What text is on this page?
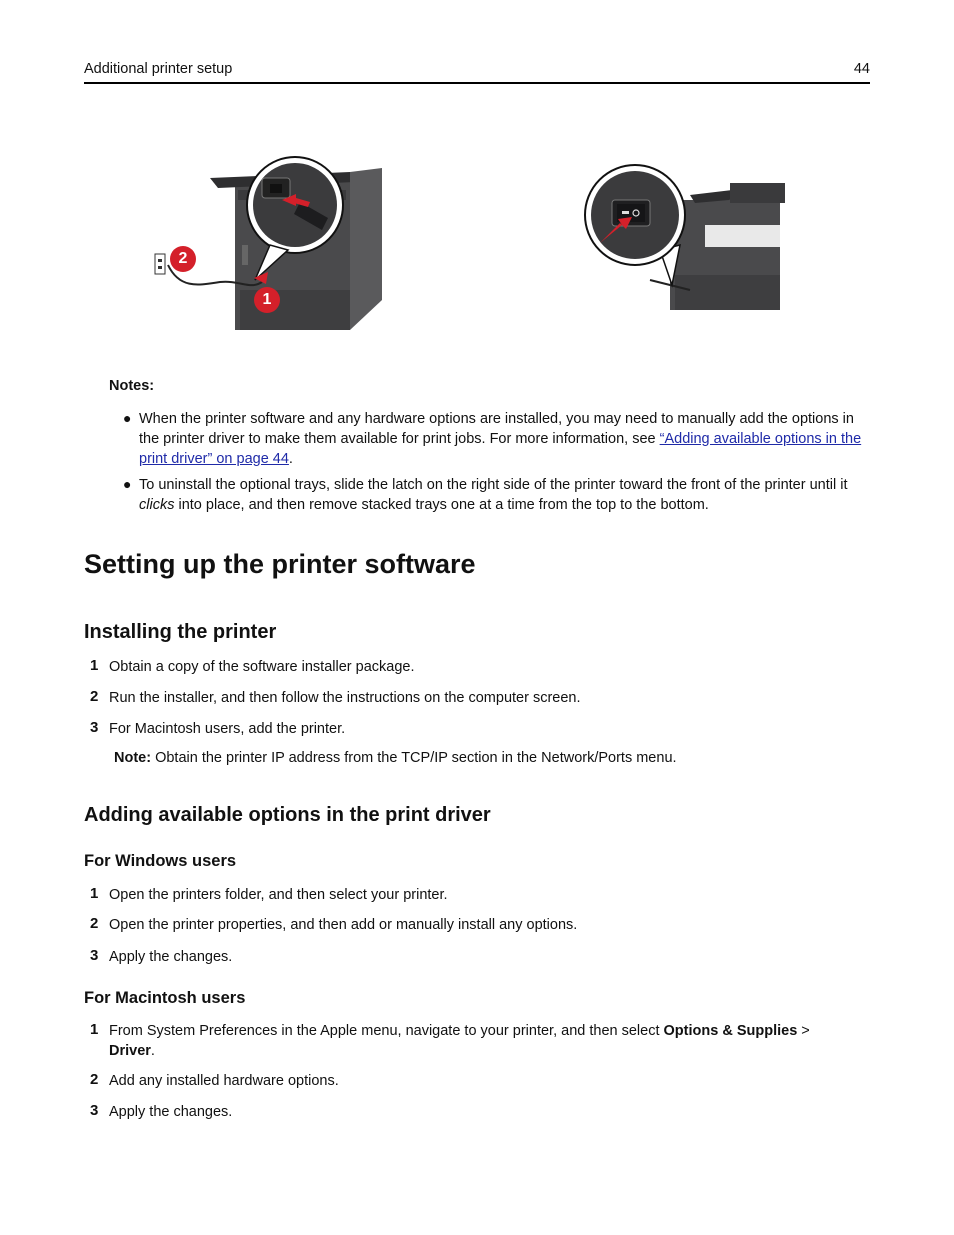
Additional printer setup	44
2
1
Notes:
● When the printer software and any hardware options are installed, you may need to manually add the options in the printer driver to make them available for print jobs. For more information, see “Adding available options in the print driver” on page 44.
● To uninstall the optional trays, slide the latch on the right side of the printer toward the front of the printer until it clicks into place, and then remove stacked trays one at a time from the top to the bottom.
Setting up the printer software
Installing the printer
1 Obtain a copy of the software installer package.
2 Run the installer, and then follow the instructions on the computer screen.
3 For Macintosh users, add the printer.
Note: Obtain the printer IP address from the TCP/IP section in the Network/Ports menu.
Adding available options in the print driver
For Windows users
1 Open the printers folder, and then select your printer.
2 Open the printer properties, and then add or manually install any options.
3 Apply the changes.
For Macintosh users
1 From System Preferences in the Apple menu, navigate to your printer, and then select Options & Supplies > Driver.
2 Add any installed hardware options.
3 Apply the changes.
